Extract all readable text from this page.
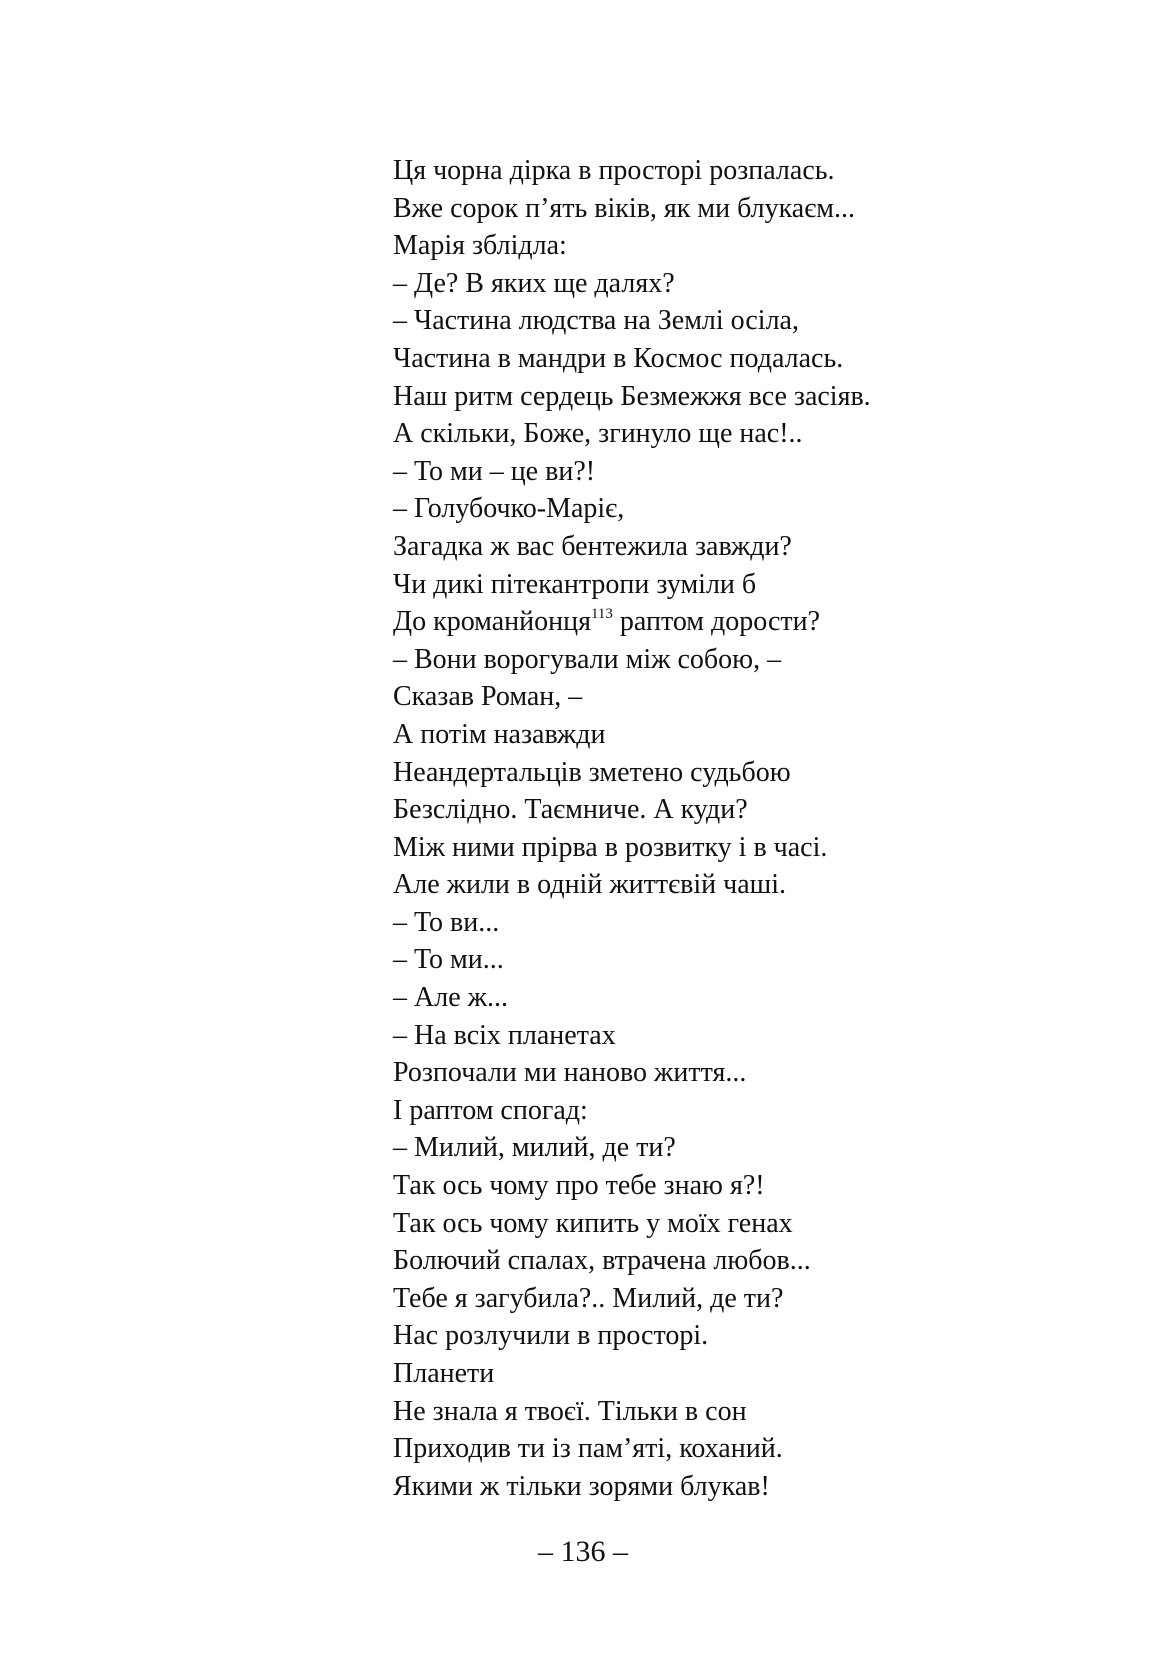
Ця чорна дірка в просторі розпалась.
Вже сорок п’ять віків, як ми блукаєм...
Марія зблідла:
– Де? В яких ще далях?
– Частина людства на Землі осіла,
Частина в мандри в Космос подалась.
Наш ритм сердець Безмежжя все засіяв.
А скільки, Боже, згинуло ще нас!..
– То ми – це ви?!
– Голубочко-Маріє,
Загадка ж вас бентежила завжди?
Чи дикі пітекантропи зуміли б
До кроманйонця$^{113}$ раптом дорости?
– Вони ворогували між собою, –
Сказав Роман, –
А потім назавжди
Неандертальців зметено судьбою
Безслідно. Таємниче. А куди?
Між ними прірва в розвитку і в часі.
Але жили в одній життєвій чаші.
– То ви...
– То ми...
– Але ж...
– На всіх планетах
Розпочали ми наново життя...
І раптом спогад:
– Милий, милий, де ти?
Так ось чому про тебе знаю я?!
Так ось чому кипить у моїх генах
Болючий спалах, втрачена любов...
Тебе я загубила?.. Милий, де ти?
Нас розлучили в просторі.
Планети
Не знала я твоєї. Тільки в сон
Приходив ти із пам’яті, коханий.
Якими ж тільки зорями блукав!
– 136 –
